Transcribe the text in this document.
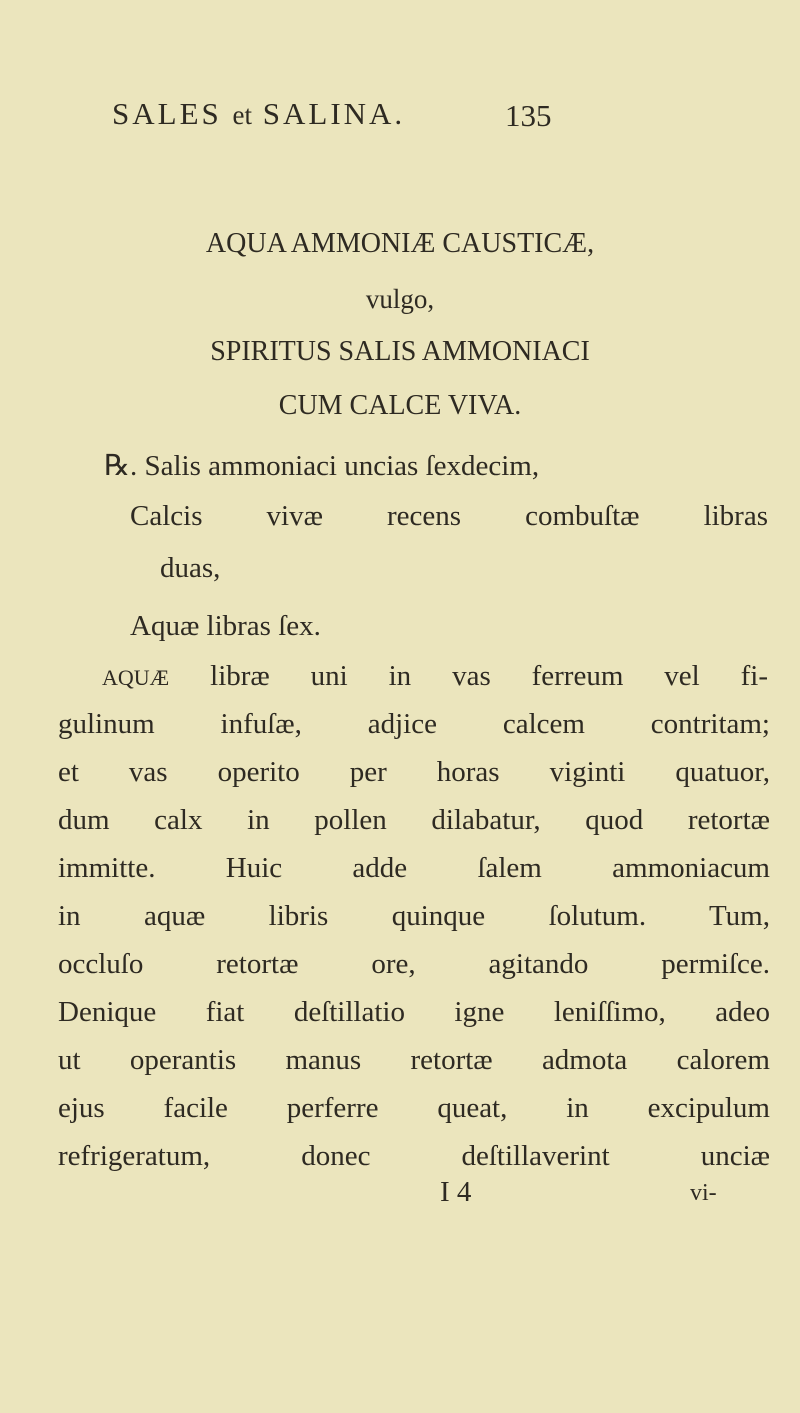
SALES et SALINA.	135
AQUA AMMONIÆ CAUSTICÆ,
vulgo,
SPIRITUS SALIS AMMONIACI
CUM CALCE VIVA.
℞. Salis ammoniaci uncias ſexdecim,
Calcis vivæ recens combuſtæ libras
duas,
Aquæ libras ſex.
AQUÆ libræ uni in vas ferreum vel fi-
gulinum infuſæ, adjice calcem contritam;
et vas operito per horas viginti quatuor,
dum calx in pollen dilabatur, quod retortæ
immitte. Huic adde ſalem ammoniacum
in aquæ libris quinque ſolutum. Tum,
occluſo retortæ ore, agitando permiſce.
Denique fiat deſtillatio igne leniſſimo, adeo
ut operantis manus retortæ admota calorem
ejus facile perferre queat, in excipulum
refrigeratum, donec deſtillaverint unciæ
I 4	vi-
